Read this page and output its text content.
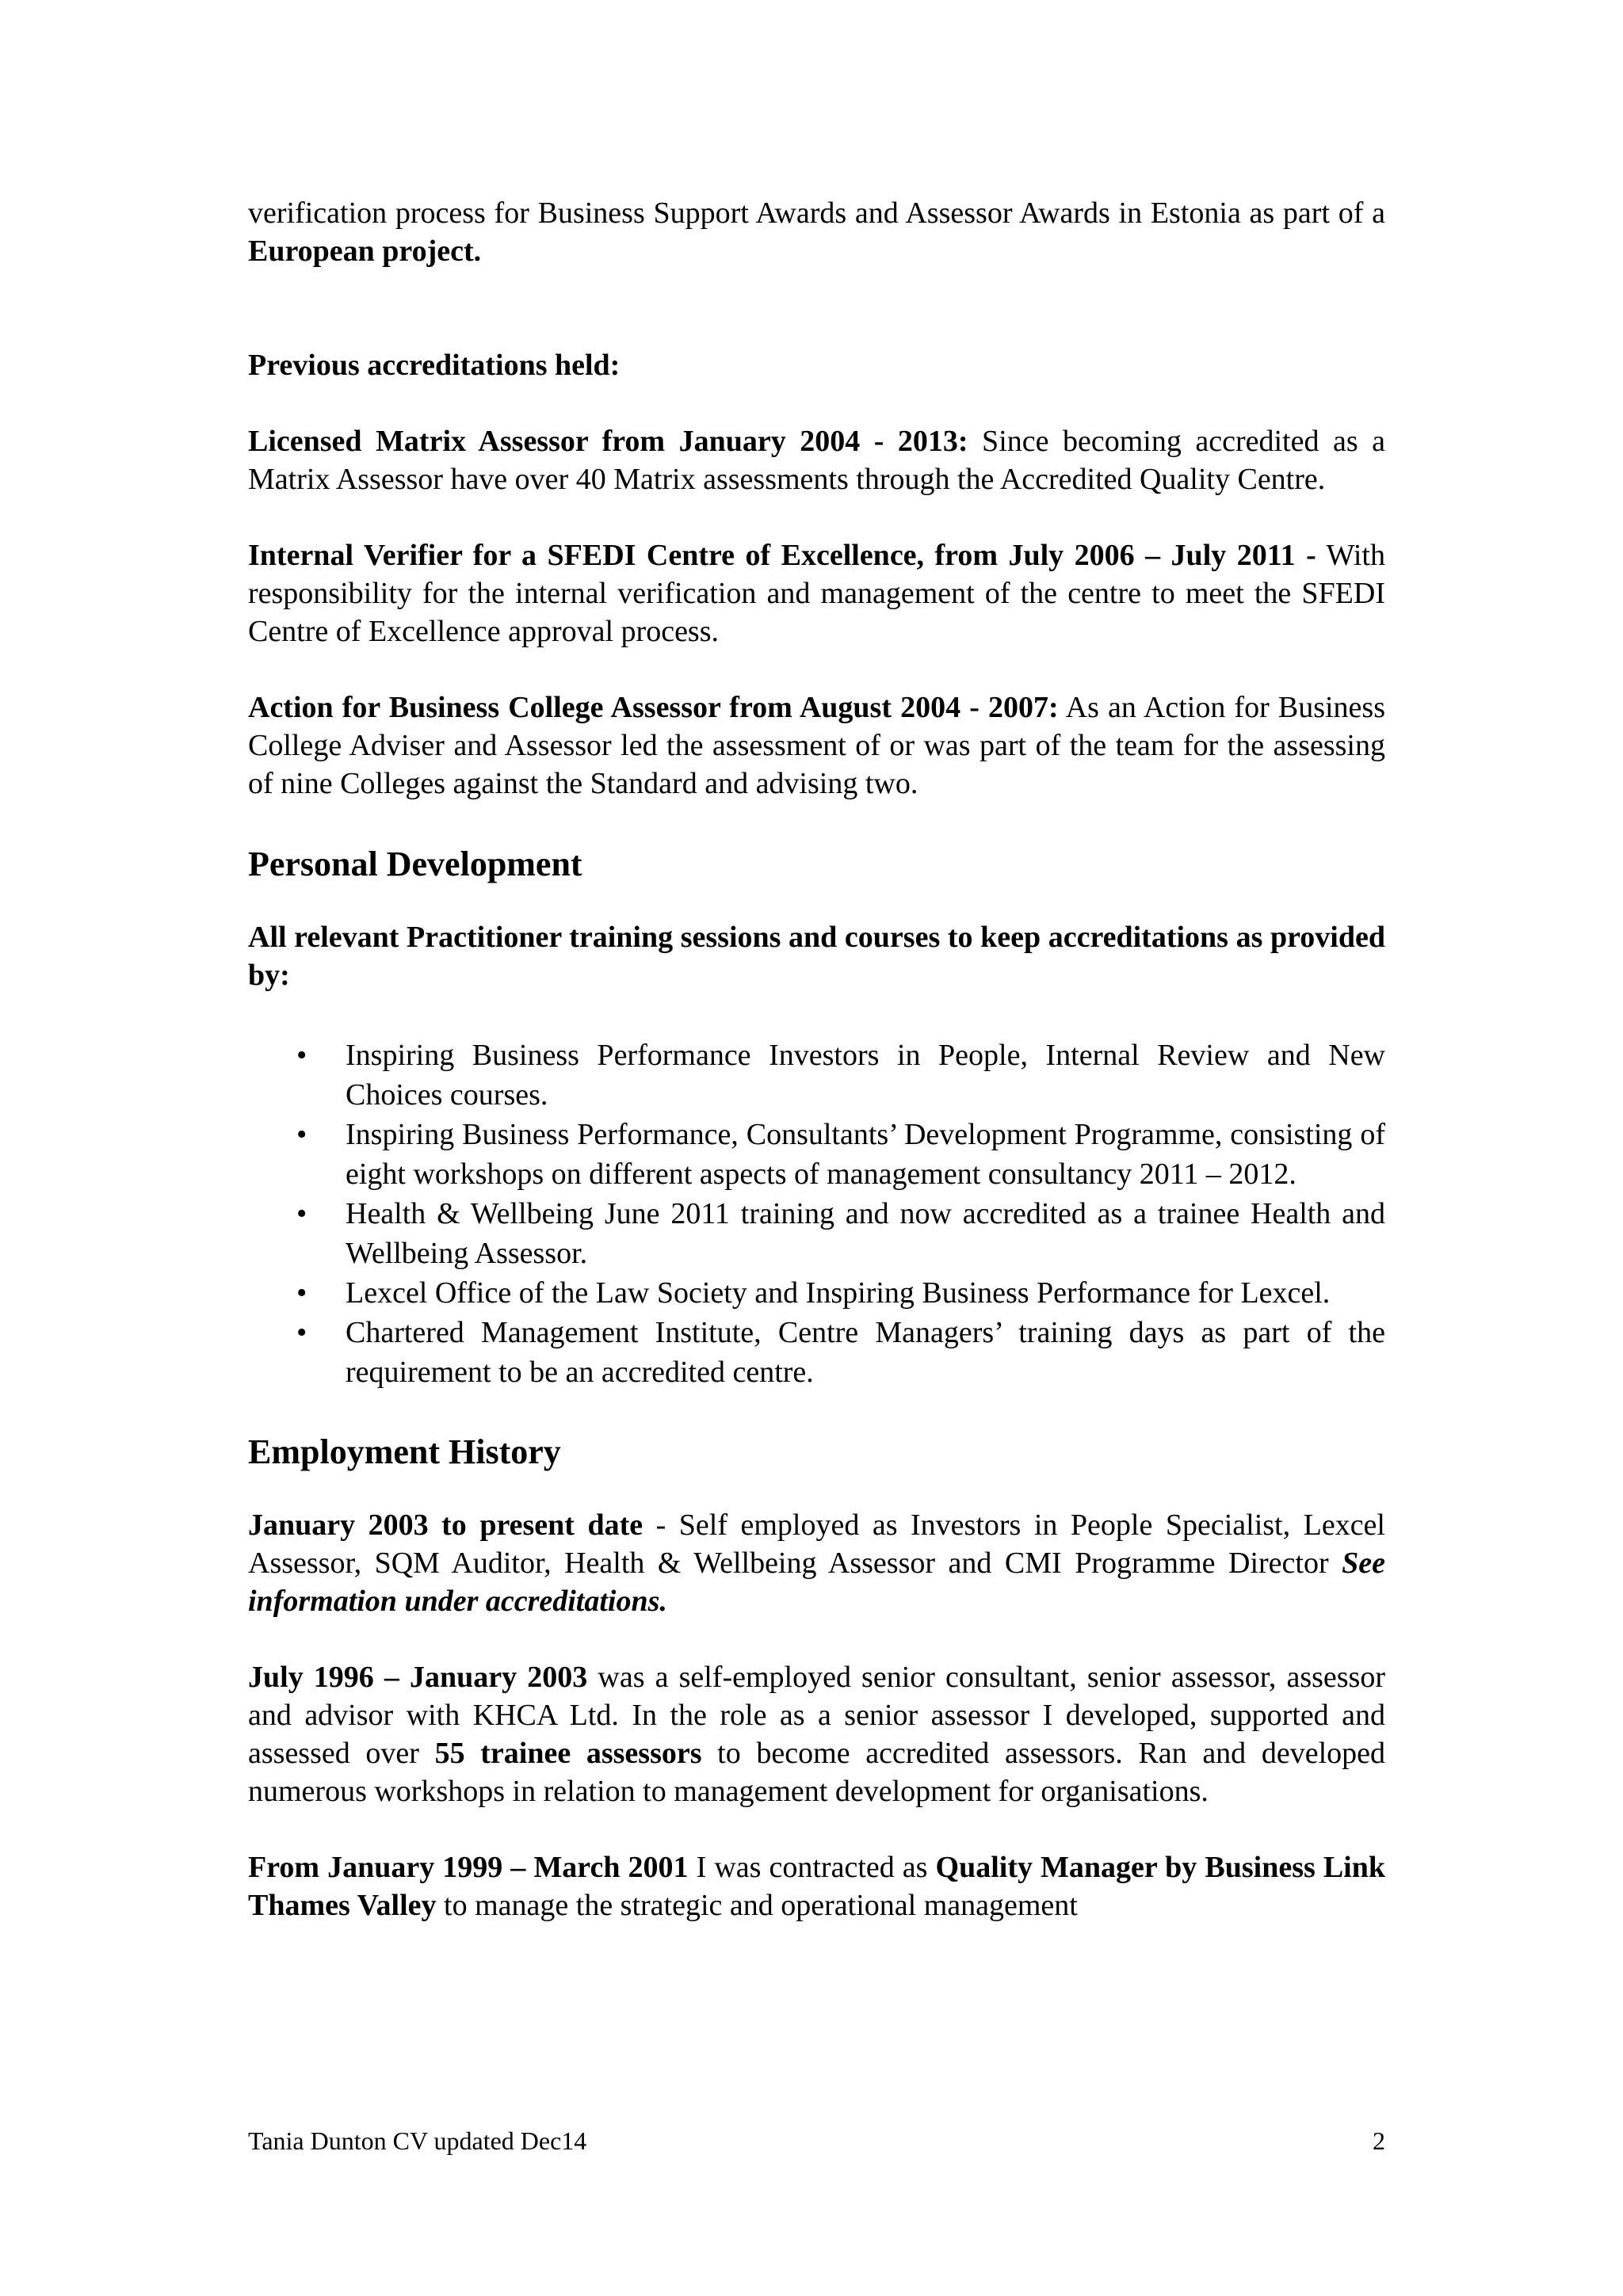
verification process for Business Support Awards and Assessor Awards in Estonia as part of a European project.

Previous accreditations held:

Licensed Matrix Assessor from January 2004 - 2013: Since becoming accredited as a Matrix Assessor have over 40 Matrix assessments through the Accredited Quality Centre.

Internal Verifier for a SFEDI Centre of Excellence, from July 2006 – July 2011 - With responsibility for the internal verification and management of the centre to meet the SFEDI Centre of Excellence approval process.

Action for Business College Assessor from August 2004 - 2007: As an Action for Business College Adviser and Assessor led the assessment of or was part of the team for the assessing of nine Colleges against the Standard and advising two.

Personal Development

All relevant Practitioner training sessions and courses to keep accreditations as provided by:

• Inspiring Business Performance Investors in People, Internal Review and New Choices courses.
• Inspiring Business Performance, Consultants’ Development Programme, consisting of eight workshops on different aspects of management consultancy 2011 – 2012.
• Health & Wellbeing June 2011 training and now accredited as a trainee Health and Wellbeing Assessor.
• Lexcel Office of the Law Society and Inspiring Business Performance for Lexcel.
• Chartered Management Institute, Centre Managers’ training days as part of the requirement to be an accredited centre.
Employment History

January 2003 to present date - Self employed as Investors in People Specialist, Lexcel Assessor, SQM Auditor, Health & Wellbeing Assessor and CMI Programme Director See information under accreditations.

July 1996 – January 2003 was a self-employed senior consultant, senior assessor, assessor and advisor with KHCA Ltd. In the role as a senior assessor I developed, supported and assessed over 55 trainee assessors to become accredited assessors. Ran and developed numerous workshops in relation to management development for organisations.

From January 1999 – March 2001 I was contracted as Quality Manager by Business Link Thames Valley to manage the strategic and operational management

Tania Dunton CV updated Dec14	2
